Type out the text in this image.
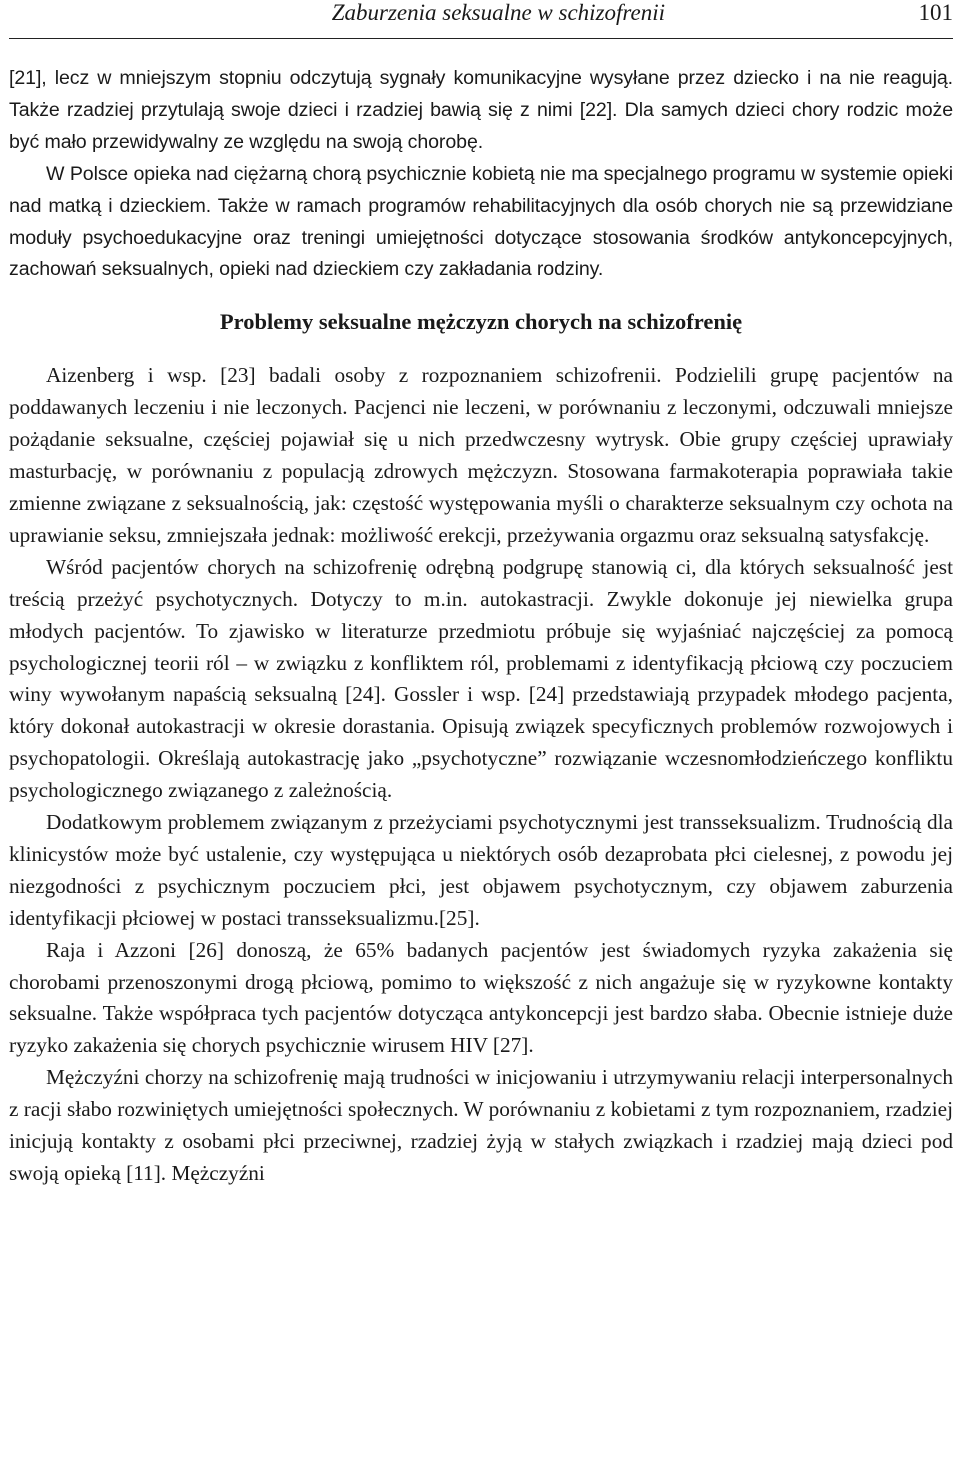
Zaburzenia seksualne w schizofrenii	101

[21], lecz w mniejszym stopniu odczytują sygnały komunikacyjne wysyłane przez dziecko i na nie reagują. Także rzadziej przytulają swoje dzieci i rzadziej bawią się z nimi [22]. Dla samych dzieci chory rodzic może być mało przewidywalny ze względu na swoją chorobę.

W Polsce opieka nad ciężarną chorą psychicznie kobietą nie ma specjalnego programu w systemie opieki nad matką i dzieckiem. Także w ramach programów rehabilitacyjnych dla osób chorych nie są przewidziane moduły psychoedukacyjne oraz treningi umiejętności dotyczące stosowania środków antykoncepcyjnych, zachowań seksualnych, opieki nad dzieckiem czy zakładania rodziny.

Problemy seksualne mężczyzn chorych na schizofrenię

Aizenberg i wsp. [23] badali osoby z rozpoznaniem schizofrenii. Podzielili grupę pacjentów na poddawanych leczeniu i nie leczonych. Pacjenci nie leczeni, w porównaniu z leczonymi, odczuwali mniejsze pożądanie seksualne, częściej pojawiał się u nich przedwczesny wytrysk. Obie grupy częściej uprawiały masturbację, w porównaniu z populacją zdrowych mężczyzn. Stosowana farmakoterapia poprawiała takie zmienne związane z seksualnością, jak: częstość występowania myśli o charakterze seksualnym czy ochota na uprawianie seksu, zmniejszała jednak: możliwość erekcji, przeżywania orgazmu oraz seksualną satysfakcję.

Wśród pacjentów chorych na schizofrenię odrębną podgrupę stanowią ci, dla których seksualność jest treścią przeżyć psychotycznych. Dotyczy to m.in. autokastracji. Zwykle dokonuje jej niewielka grupa młodych pacjentów. To zjawisko w literaturze przedmiotu próbuje się wyjaśniać najczęściej za pomocą psychologicznej teorii ról – w związku z konfliktem ról, problemami z identyfikacją płciową czy poczuciem winy wywołanym napaścią seksualną [24]. Gossler i wsp. [24] przedstawiają przypadek młodego pacjenta, który dokonał autokastracji w okresie dorastania. Opisują związek specyficznych problemów rozwojowych i psychopatologii. Określają autokastrację jako „psychotyczne” rozwiązanie wczesnomłodzieńczego konfliktu psychologicznego związanego z zależnością.

Dodatkowym problemem związanym z przeżyciami psychotycznymi jest transseksualizm. Trudnością dla klinicystów może być ustalenie, czy występująca u niektórych osób dezaprobata płci cielesnej, z powodu jej niezgodności z psychicznym poczuciem płci, jest objawem psychotycznym, czy objawem zaburzenia identyfikacji płciowej w postaci transseksualizmu.[25].

Raja i Azzoni [26] donoszą, że 65% badanych pacjentów jest świadomych ryzyka zakażenia się chorobami przenoszonymi drogą płciową, pomimo to większość z nich angażuje się w ryzykowne kontakty seksualne. Także współpraca tych pacjentów dotycząca antykoncepcji jest bardzo słaba. Obecnie istnieje duże ryzyko zakażenia się chorych psychicznie wirusem HIV [27].

Mężczyźni chorzy na schizofrenię mają trudności w inicjowaniu i utrzymywaniu relacji interpersonalnych z racji słabo rozwiniętych umiejętności społecznych. W porównaniu z kobietami z tym rozpoznaniem, rzadziej inicjują kontakty z osobami płci przeciwnej, rzadziej żyją w stałych związkach i rzadziej mają dzieci pod swoją opieką [11]. Mężczyźni
